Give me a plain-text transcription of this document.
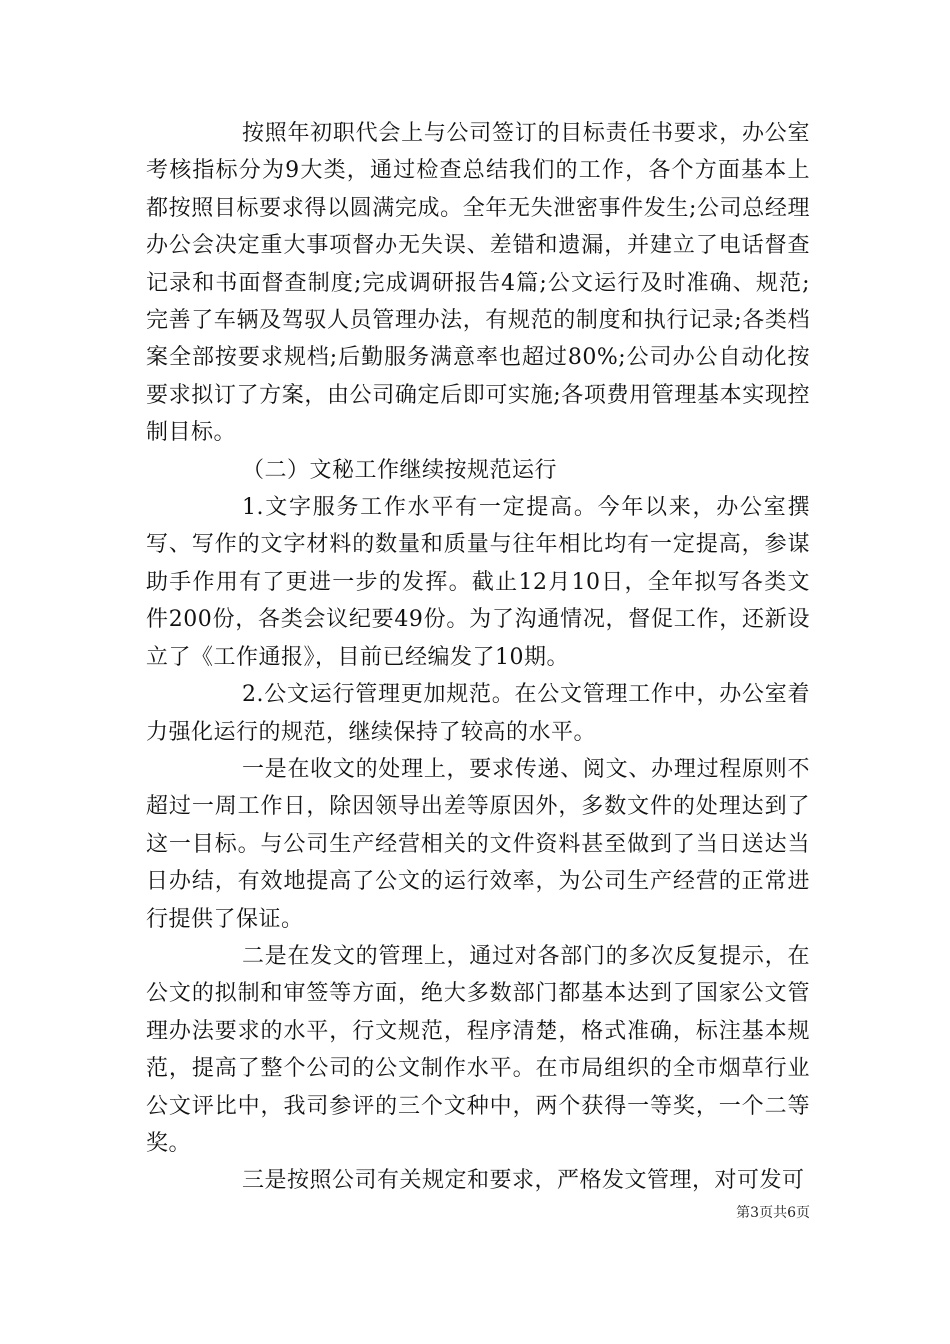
按照年初职代会上与公司签订的目标责任书要求，办公室考核指标分为9大类，通过检查总结我们的工作，各个方面基本上都按照目标要求得以圆满完成。全年无失泄密事件发生;公司总经理办公会决定重大事项督办无失误、差错和遗漏，并建立了电话督查记录和书面督查制度;完成调研报告4篇;公文运行及时准确、规范;完善了车辆及驾驭人员管理办法，有规范的制度和执行记录;各类档案全部按要求规档;后勤服务满意率也超过80%;公司办公自动化按要求拟订了方案，由公司确定后即可实施;各项费用管理基本实现控制目标。

（二）文秘工作继续按规范运行

1.文字服务工作水平有一定提高。今年以来，办公室撰写、写作的文字材料的数量和质量与往年相比均有一定提高，参谋助手作用有了更进一步的发挥。截止12月10日，全年拟写各类文件200份，各类会议纪要49份。为了沟通情况，督促工作，还新设立了《工作通报》，目前已经编发了10期。

2.公文运行管理更加规范。在公文管理工作中，办公室着力强化运行的规范，继续保持了较高的水平。

一是在收文的处理上，要求传递、阅文、办理过程原则不超过一周工作日，除因领导出差等原因外，多数文件的处理达到了这一目标。与公司生产经营相关的文件资料甚至做到了当日送达当日办结，有效地提高了公文的运行效率，为公司生产经营的正常进行提供了保证。

二是在发文的管理上，通过对各部门的多次反复提示，在公文的拟制和审签等方面，绝大多数部门都基本达到了国家公文管理办法要求的水平，行文规范，程序清楚，格式准确，标注基本规范，提高了整个公司的公文制作水平。在市局组织的全市烟草行业公文评比中，我司参评的三个文种中，两个获得一等奖，一个二等奖。

三是按照公司有关规定和要求，严格发文管理，对可发可

第3页共6页
